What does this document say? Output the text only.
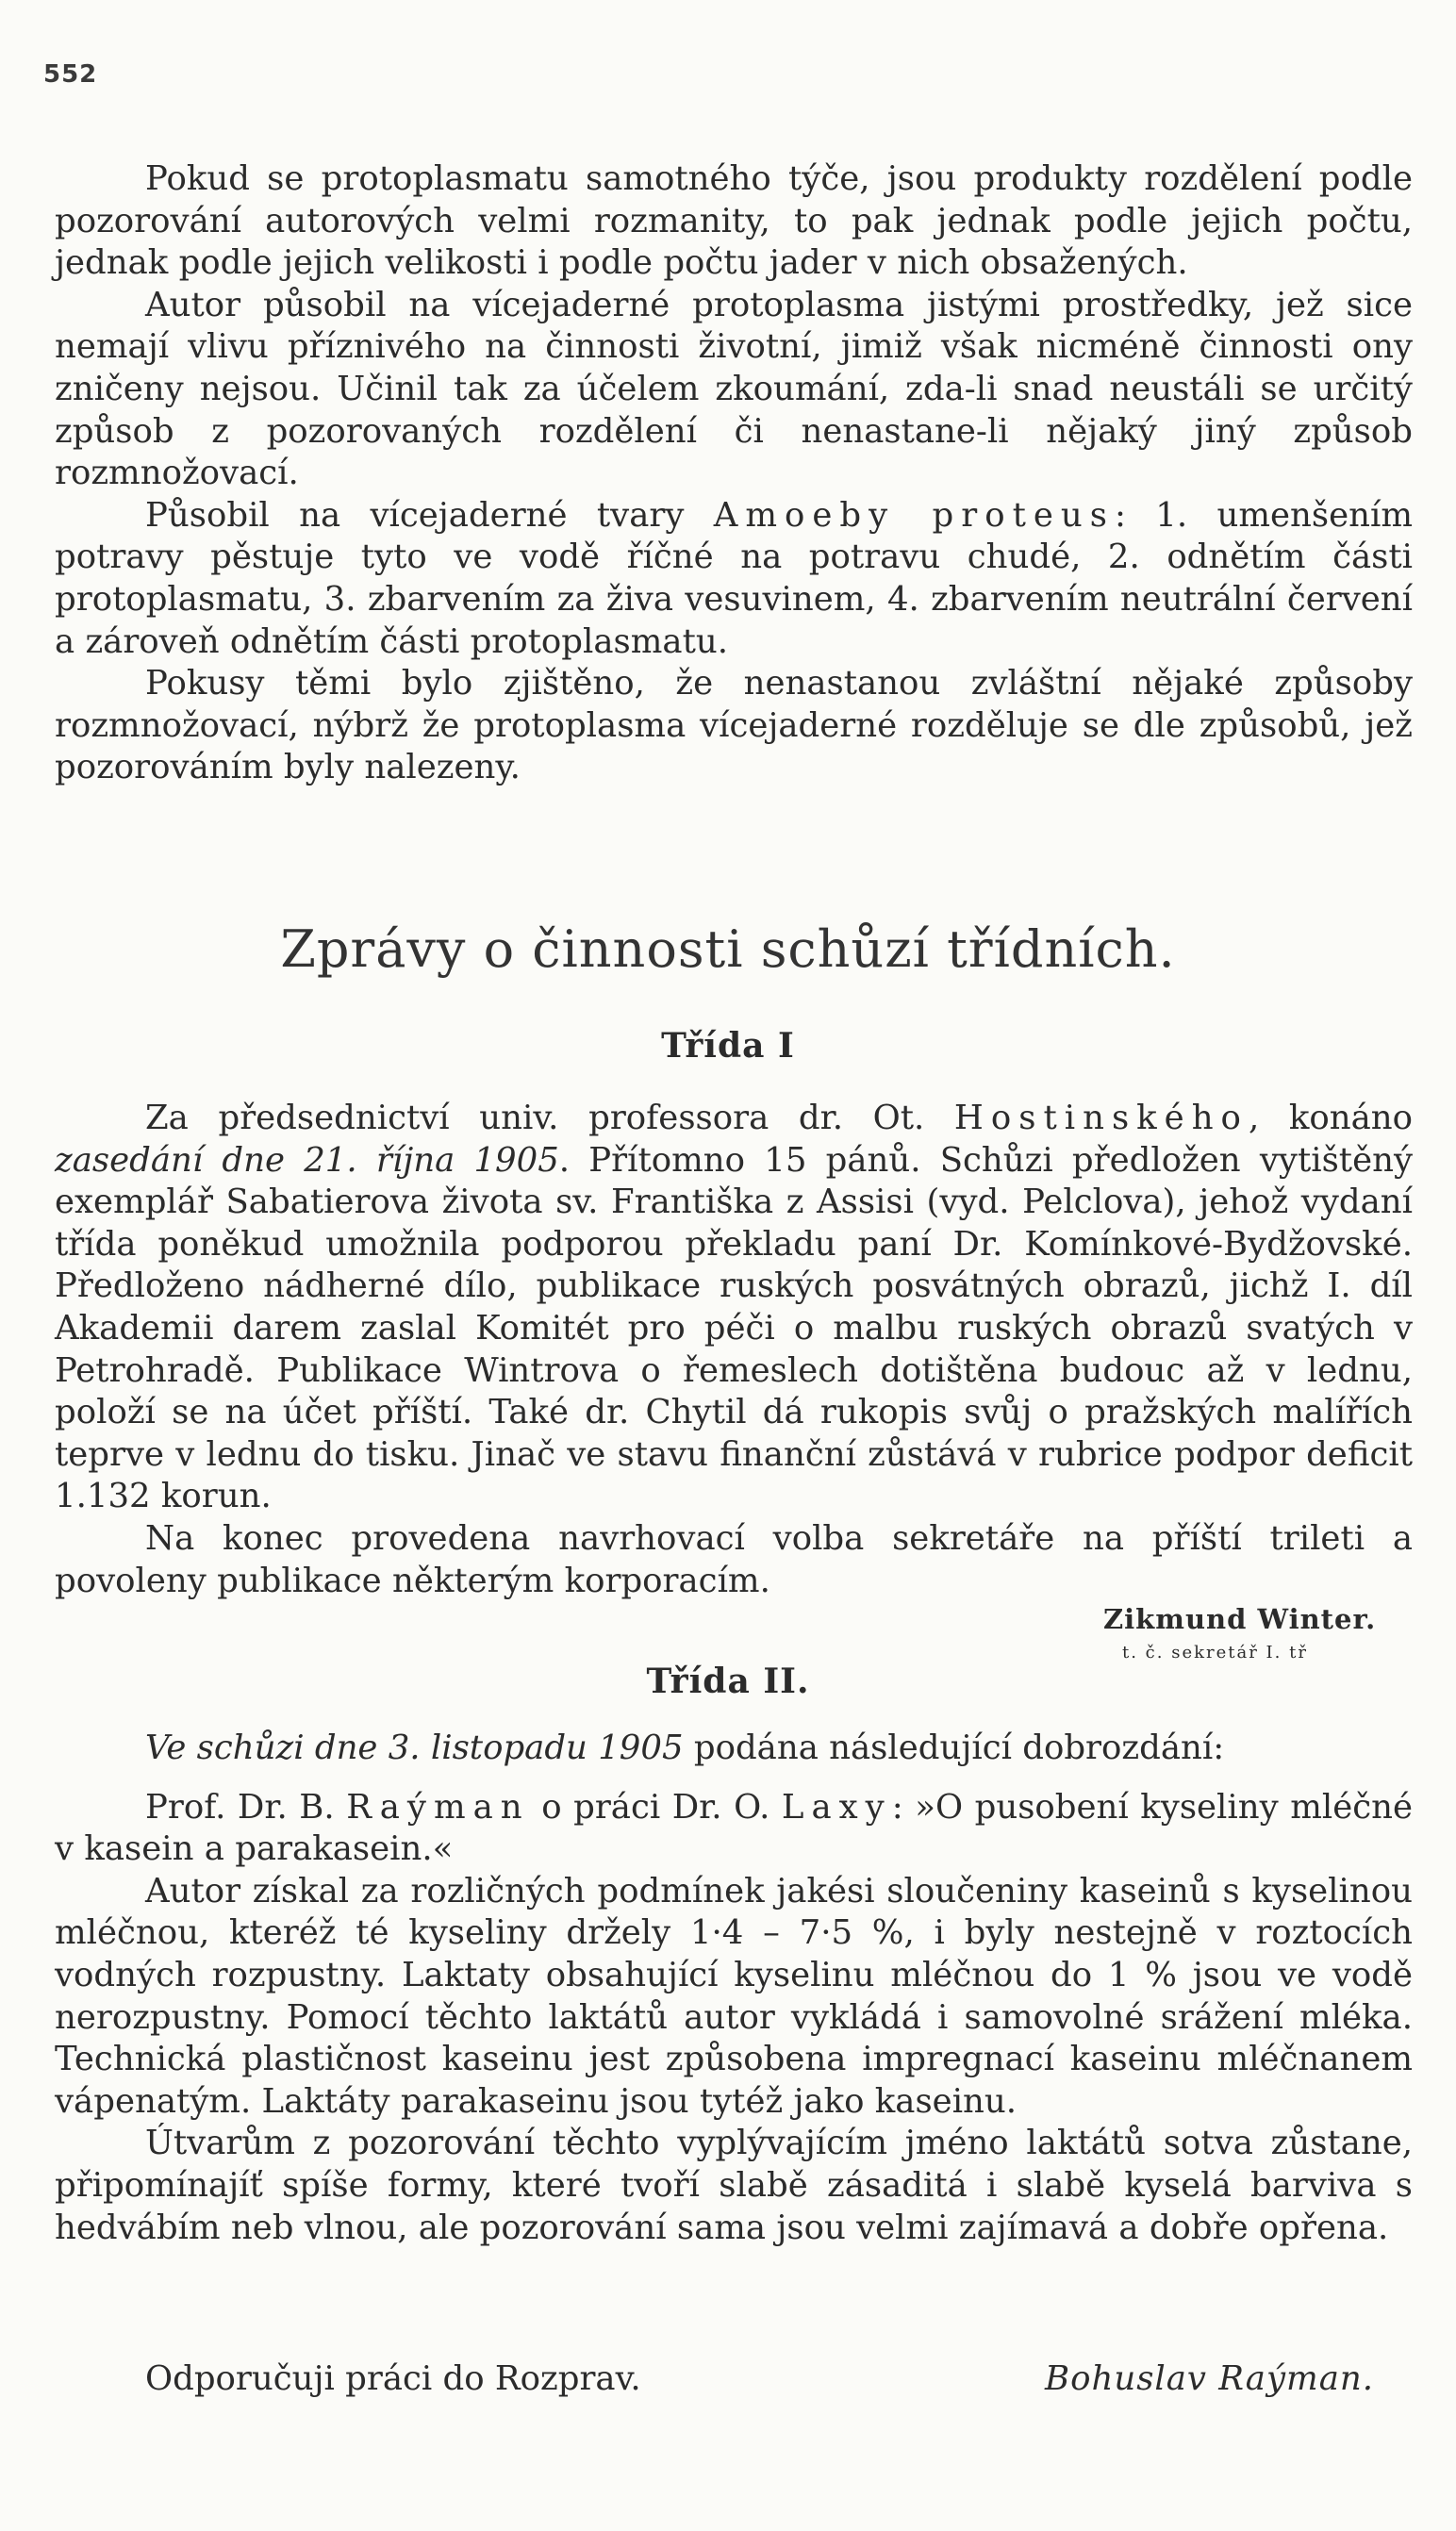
552

Pokud se protoplasmatu samotného týče, jsou produkty rozdělení podle pozorování autorových velmi rozmanity, to pak jednak podle jejich počtu, jednak podle jejich velikosti i podle počtu jader v nich obsažených.

Autor působil na vícejaderné protoplasma jistými prostředky, jež sice nemají vlivu příznivého na činnosti životní, jimiž však nicméně činnosti ony zničeny nejsou. Učinil tak za účelem zkoumání, zda-li snad neustáli se určitý způsob z pozorovaných rozdělení či nenastane-li nějaký jiný způsob rozmnožovací.

Působil na vícejaderné tvary Amoeby proteus: 1. umenšením potravy pěstuje tyto ve vodě říčné na potravu chudé, 2. odnětím části protoplasmatu, 3. zbarvením za živa vesuvinem, 4. zbarvením neutrální červení a zároveň odnětím části protoplasmatu.

Pokusy těmi bylo zjištěno, že nenastanou zvláštní nějaké způsoby rozmnožovací, nýbrž že protoplasma vícejaderné rozděluje se dle způsobů, jež pozorováním byly nalezeny.

Zprávy o činnosti schůzí třídních.
Třída I

Za předsednictví univ. professora dr. Ot. Hostinského, konáno zasedání dne 21. října 1905. Přítomno 15 pánů. Schůzi předložen vytištěný exemplář Sabatierova života sv. Františka z Assisi (vyd. Pelclova), jehož vydaní třída poněkud umožnila podporou překladu paní Dr. Komínkové-Bydžovské. Předloženo nádherné dílo, publikace ruských posvátných obrazů, jichž I. díl Akademii darem zaslal Komitét pro péči o malbu ruských obrazů svatých v Petrohradě. Publikace Wintrova o řemeslech dotištěna budouc až v lednu, položí se na účet příští. Také dr. Chytil dá rukopis svůj o pražských malířích teprve v lednu do tisku. Jinač ve stavu finanční zůstává v rubrice podpor deficit 1.132 korun.

Na konec provedena navrhovací volba sekretáře na příští trileti a povoleny publikace některým korporacím.

Zikmund Winter.
t. č. sekretář I. tř
Třída II.

Ve schůzi dne 3. listopadu 1905 podána následující dobrozdání:

Prof. Dr. B. Raýman o práci Dr. O. Laxy: »O pusobení kyseliny mléčné v kasein a parakasein.«

Autor získal za rozličných podmínek jakési sloučeniny kaseinů s kyselinou mléčnou, kteréž té kyseliny držely 1·4 – 7·5 %, i byly nestejně v roztocích vodných rozpustny. Laktaty obsahující kyselinu mléčnou do 1 % jsou ve vodě nerozpustny. Pomocí těchto laktátů autor vykládá i samovolné srážení mléka. Technická plastičnost kaseinu jest způsobena impregnací kaseinu mléčnanem vápenatým. Laktáty parakaseinu jsou tytéž jako kaseinu.

Útvarům z pozorování těchto vyplývajícím jméno laktátů sotva zůstane, připomínajíť spíše formy, které tvoří slabě zásaditá i slabě kyselá barviva s hedvábím neb vlnou, ale pozorování sama jsou velmi zajímavá a dobře opřena.

Odporučuji práci do Rozprav.	Bohuslav Raýman.
